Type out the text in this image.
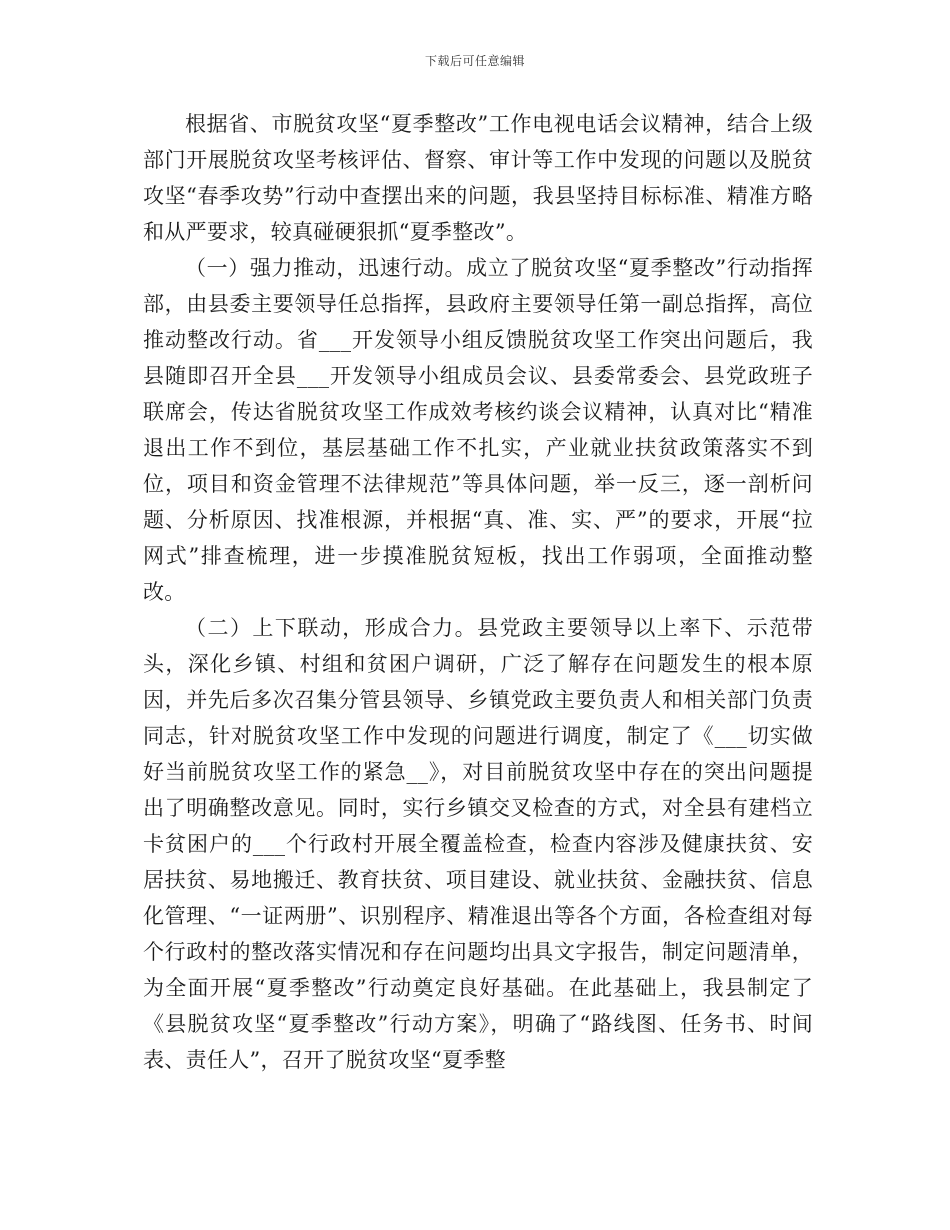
下载后可任意编辑

根据省、市脱贫攻坚“夏季整改”工作电视电话会议精神，结合上级部门开展脱贫攻坚考核评估、督察、审计等工作中发现的问题以及脱贫攻坚“春季攻势”行动中查摆出来的问题，我县坚持目标标准、精准方略和从严要求，较真碰硬狠抓“夏季整改”。

（一）强力推动，迅速行动。成立了脱贫攻坚“夏季整改”行动指挥部，由县委主要领导任总指挥，县政府主要领导任第一副总指挥，高位推动整改行动。省___开发领导小组反馈脱贫攻坚工作突出问题后，我县随即召开全县___开发领导小组成员会议、县委常委会、县党政班子联席会，传达省脱贫攻坚工作成效考核约谈会议精神，认真对比“精准退出工作不到位，基层基础工作不扎实，产业就业扶贫政策落实不到位，项目和资金管理不法律规范”等具体问题，举一反三，逐一剖析问题、分析原因、找准根源，并根据“真、准、实、严”的要求，开展“拉网式”排查梳理，进一步摸准脱贫短板，找出工作弱项，全面推动整改。

（二）上下联动，形成合力。县党政主要领导以上率下、示范带头，深化乡镇、村组和贫困户调研，广泛了解存在问题发生的根本原因，并先后多次召集分管县领导、乡镇党政主要负责人和相关部门负责同志，针对脱贫攻坚工作中发现的问题进行调度，制定了《___切实做好当前脱贫攻坚工作的紧急__》，对目前脱贫攻坚中存在的突出问题提出了明确整改意见。同时，实行乡镇交叉检查的方式，对全县有建档立卡贫困户的___个行政村开展全覆盖检查，检查内容涉及健康扶贫、安居扶贫、易地搬迁、教育扶贫、项目建设、就业扶贫、金融扶贫、信息化管理、“一证两册”、识别程序、精准退出等各个方面，各检查组对每个行政村的整改落实情况和存在问题均出具文字报告，制定问题清单，为全面开展“夏季整改”行动奠定良好基础。在此基础上，我县制定了《县脱贫攻坚“夏季整改”行动方案》，明确了“路线图、任务书、时间表、责任人”，召开了脱贫攻坚“夏季整
